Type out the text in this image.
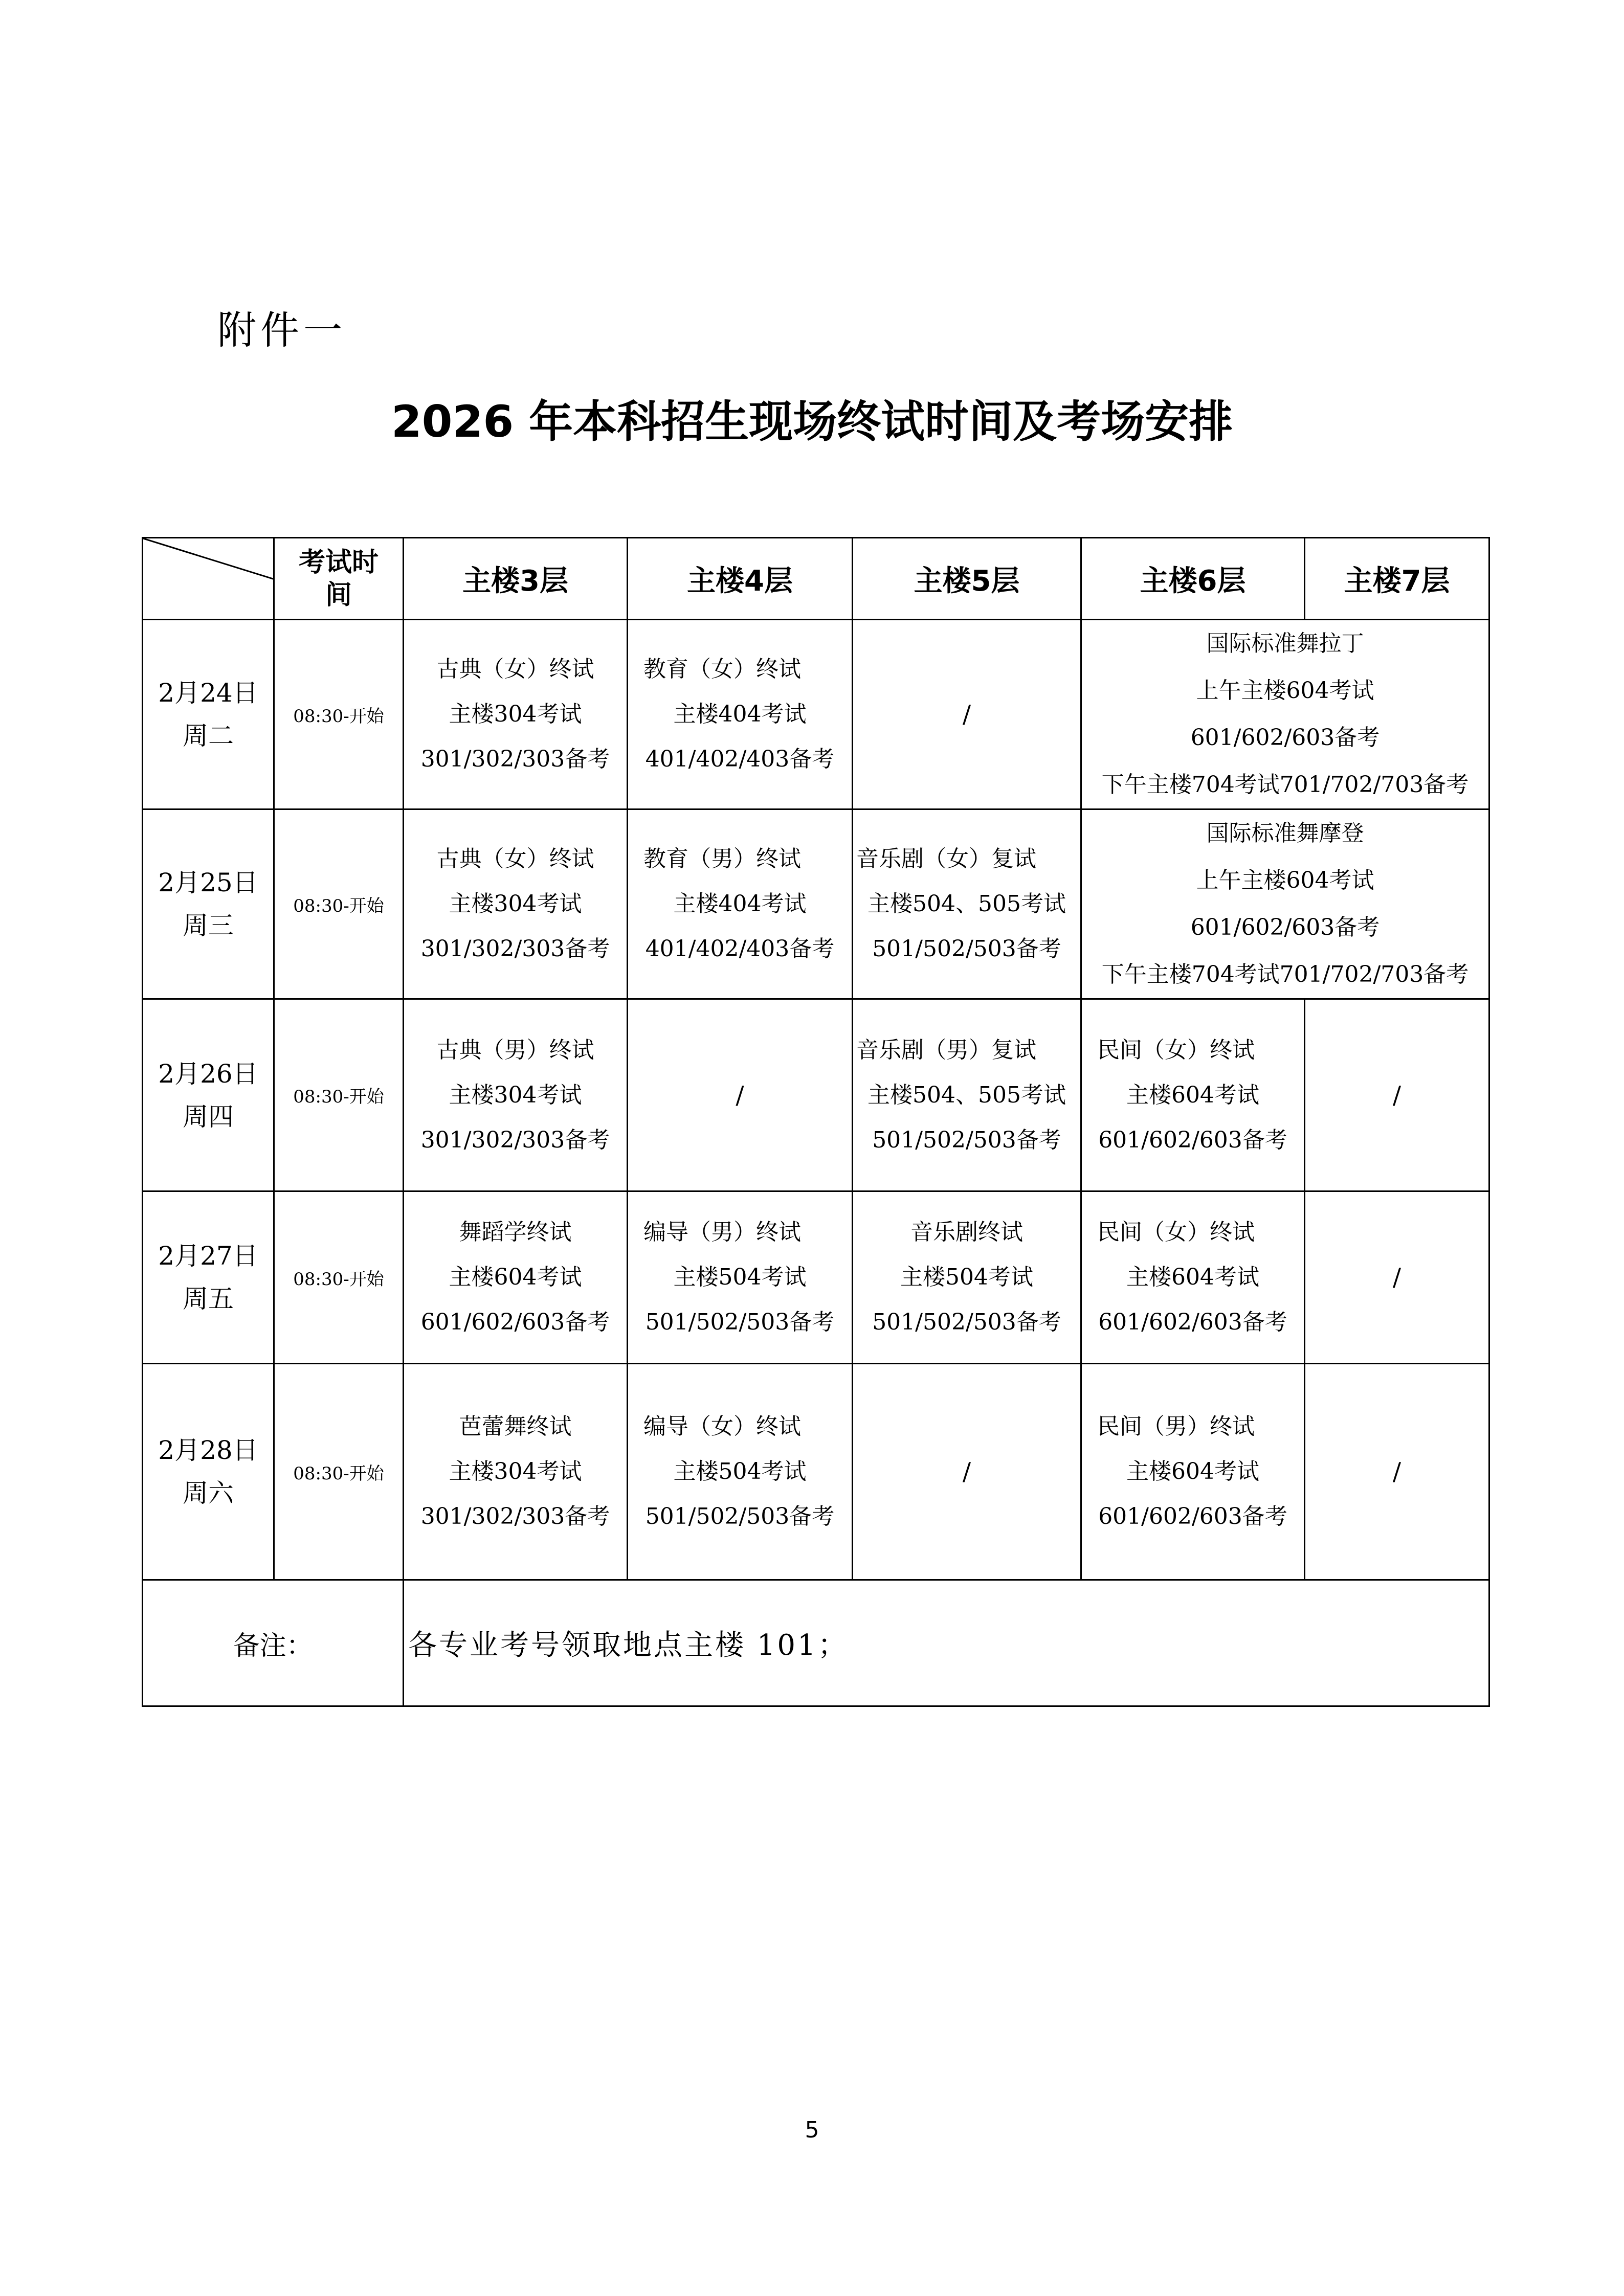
附件一
2026 年本科招生现场终试时间及考场安排
	考试时
间	主楼3层	主楼4层	主楼5层	主楼6层	主楼7层
2月24日
周二	08:30-开始	古典（女）终试
主楼304考试
301/302/303备考	教育（女）终试
主楼404考试
401/402/403备考	/	国际标准舞拉丁
上午主楼604考试
601/602/603备考
下午主楼704考试701/702/703备考	

2月25日
周三	08:30-开始	古典（女）终试
主楼304考试
301/302/303备考	教育（男）终试
主楼404考试
401/402/403备考	音乐剧（女）复试
主楼504、505考试
501/502/503备考	国际标准舞摩登
上午主楼604考试
601/602/603备考
下午主楼704考试701/702/703备考	

2月26日
周四	08:30-开始	古典（男）终试
主楼304考试
301/302/303备考	/	音乐剧（男）复试
主楼504、505考试
501/502/503备考	民间（女）终试
主楼604考试
601/602/603备考	/
2月27日
周五	08:30-开始	舞蹈学终试
主楼604考试
601/602/603备考	编导（男）终试
主楼504考试
501/502/503备考	音乐剧终试
主楼504考试
501/502/503备考	民间（女）终试
主楼604考试
601/602/603备考	/
2月28日
周六	08:30-开始	芭蕾舞终试
主楼304考试
301/302/303备考	编导（女）终试
主楼504考试
501/502/503备考	/	民间（男）终试
主楼604考试
601/602/603备考	/
备注：		各专业考号领取地点主楼 101；				
5
